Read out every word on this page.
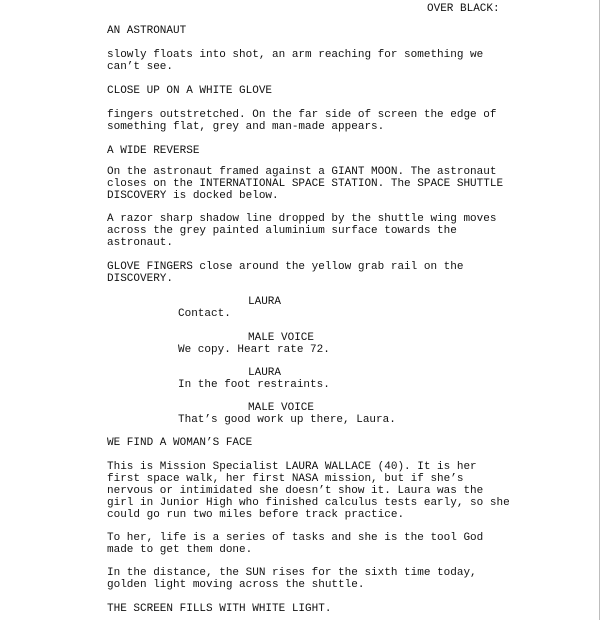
OVER BLACK:
AN ASTRONAUT
slowly floats into shot, an arm reaching for something we
can’t see.
CLOSE UP ON A WHITE GLOVE
fingers outstretched. On the far side of screen the edge of
something flat, grey and man-made appears.
A WIDE REVERSE
On the astronaut framed against a GIANT MOON. The astronaut
closes on the INTERNATIONAL SPACE STATION. The SPACE SHUTTLE
DISCOVERY is docked below.
A razor sharp shadow line dropped by the shuttle wing moves
across the grey painted aluminium surface towards the
astronaut.
GLOVE FINGERS close around the yellow grab rail on the
DISCOVERY.
LAURA
Contact.
MALE VOICE
We copy. Heart rate 72.
LAURA
In the foot restraints.
MALE VOICE
That’s good work up there, Laura.
WE FIND A WOMAN’S FACE
This is Mission Specialist LAURA WALLACE (40). It is her
first space walk, her first NASA mission, but if she’s
nervous or intimidated she doesn’t show it. Laura was the
girl in Junior High who finished calculus tests early, so she
could go run two miles before track practice.
To her, life is a series of tasks and she is the tool God
made to get them done.
In the distance, the SUN rises for the sixth time today,
golden light moving across the shuttle.
THE SCREEN FILLS WITH WHITE LIGHT.
